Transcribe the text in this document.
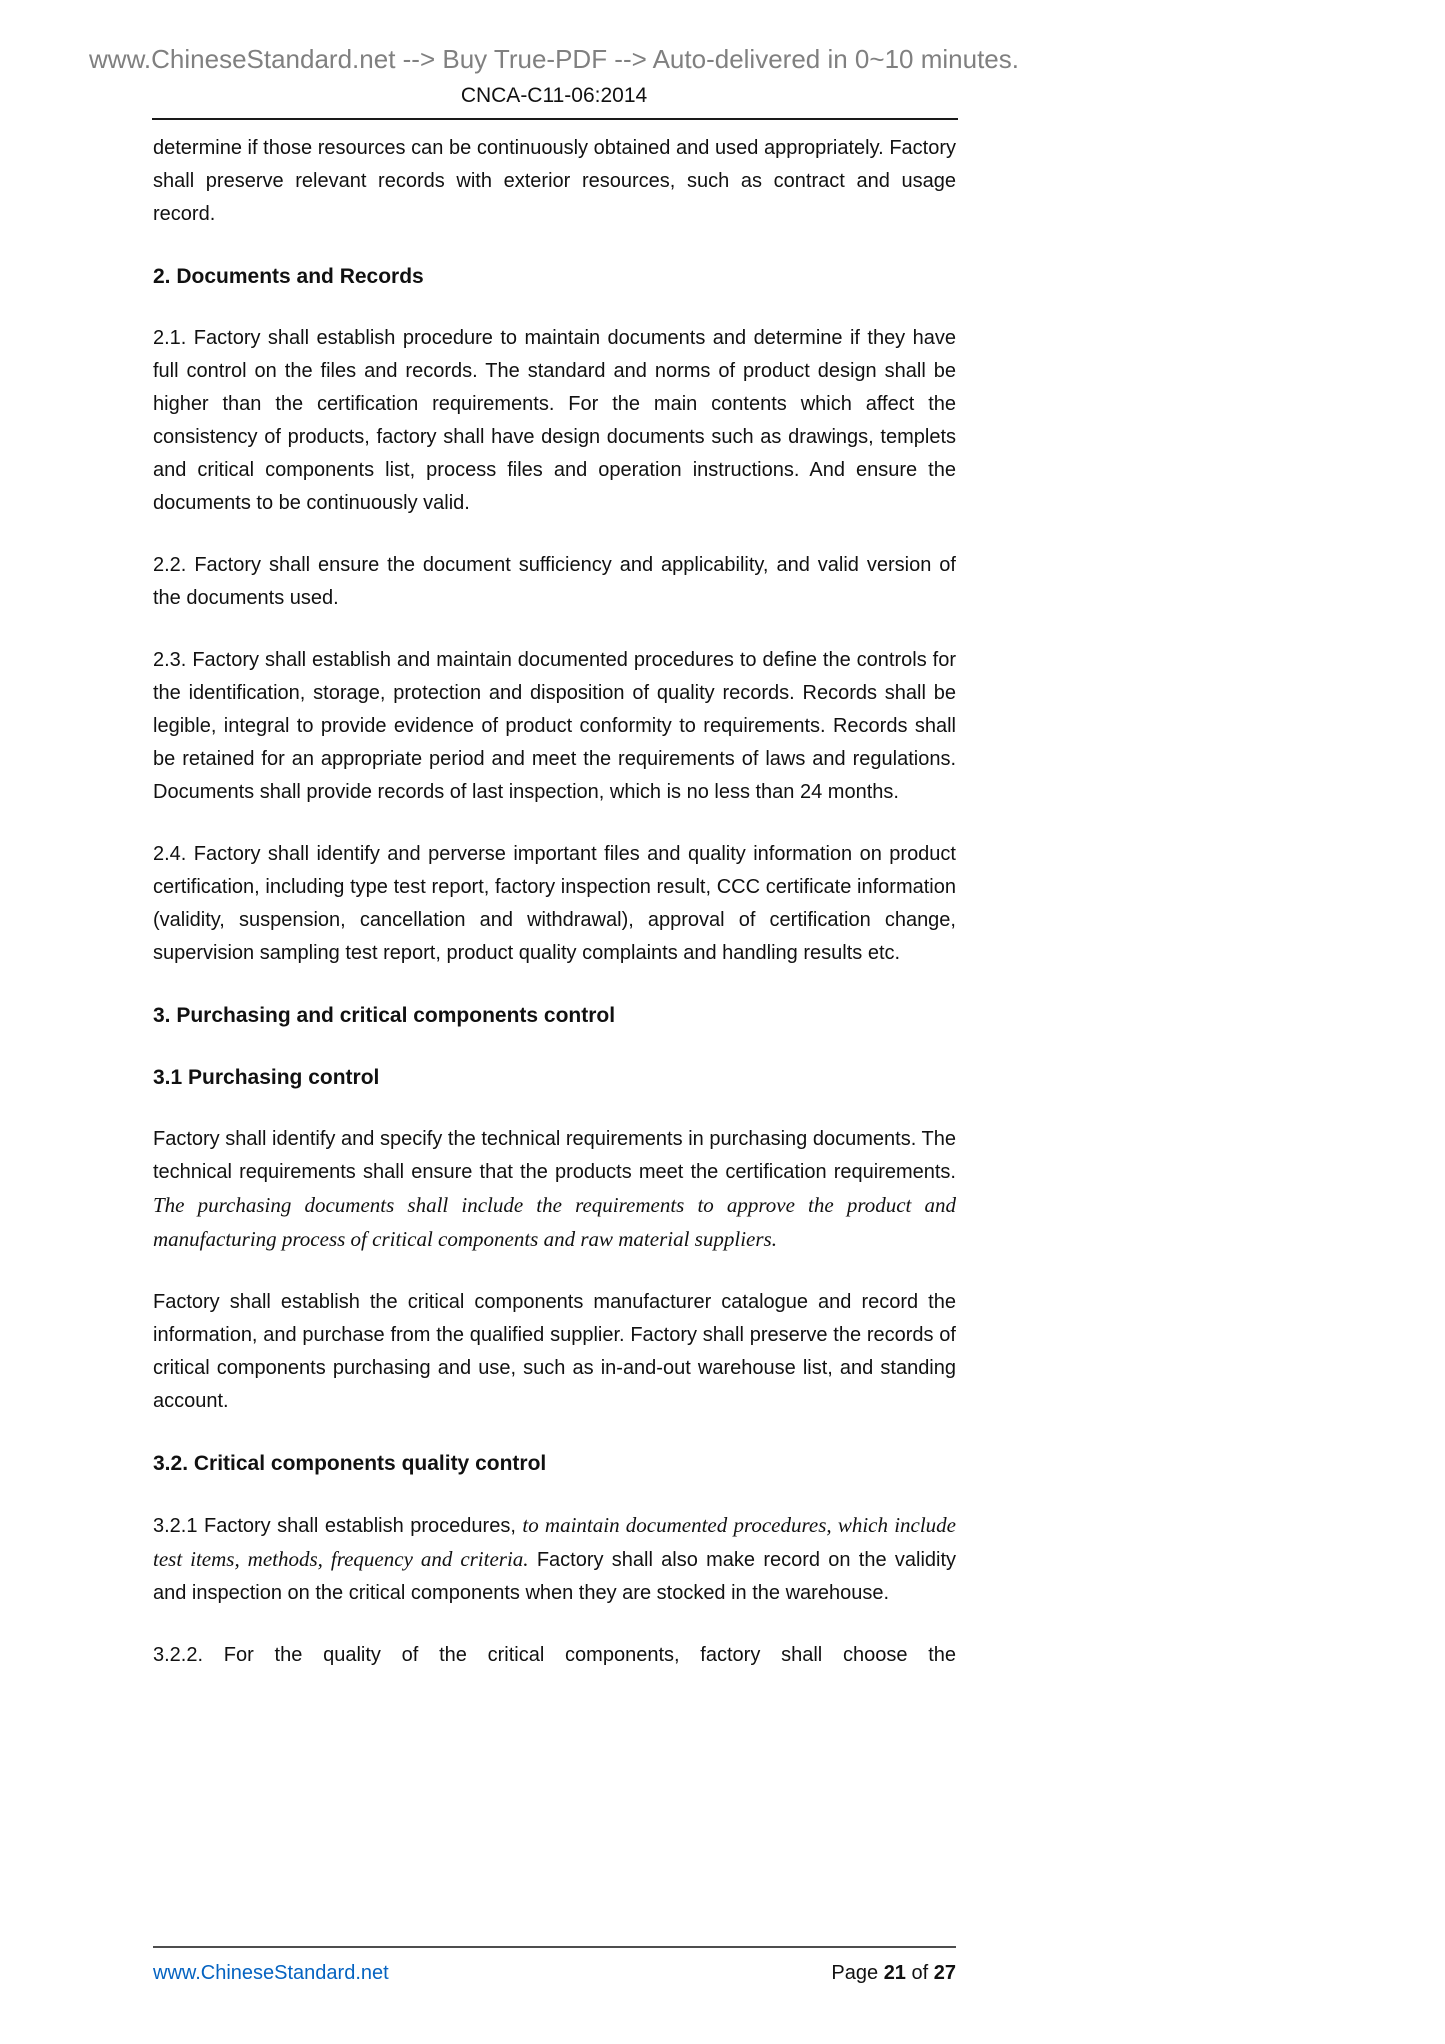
www.ChineseStandard.net --> Buy True-PDF --> Auto-delivered in 0~10 minutes.
CNCA-C11-06:2014

determine if those resources can be continuously obtained and used appropriately. Factory shall preserve relevant records with exterior resources, such as contract and usage record.

2. Documents and Records

2.1. Factory shall establish procedure to maintain documents and determine if they have full control on the files and records. The standard and norms of product design shall be higher than the certification requirements. For the main contents which affect the consistency of products, factory shall have design documents such as drawings, templets and critical components list, process files and operation instructions. And ensure the documents to be continuously valid.

2.2. Factory shall ensure the document sufficiency and applicability, and valid version of the documents used.

2.3. Factory shall establish and maintain documented procedures to define the controls for the identification, storage, protection and disposition of quality records. Records shall be legible, integral to provide evidence of product conformity to requirements. Records shall be retained for an appropriate period and meet the requirements of laws and regulations. Documents shall provide records of last inspection, which is no less than 24 months.

2.4. Factory shall identify and perverse important files and quality information on product certification, including type test report, factory inspection result, CCC certificate information (validity, suspension, cancellation and withdrawal), approval of certification change, supervision sampling test report, product quality complaints and handling results etc.

3. Purchasing and critical components control
3.1 Purchasing control

Factory shall identify and specify the technical requirements in purchasing documents. The technical requirements shall ensure that the products meet the certification requirements. The purchasing documents shall include the requirements to approve the product and manufacturing process of critical components and raw material suppliers.

Factory shall establish the critical components manufacturer catalogue and record the information, and purchase from the qualified supplier. Factory shall preserve the records of critical components purchasing and use, such as in-and-out warehouse list, and standing account.

3.2. Critical components quality control

3.2.1 Factory shall establish procedures, to maintain documented procedures, which include test items, methods, frequency and criteria. Factory shall also make record on the validity and inspection on the critical components when they are stocked in the warehouse.

3.2.2. For the quality of the critical components, factory shall choose the

www.ChineseStandard.net	Page 21 of 27
